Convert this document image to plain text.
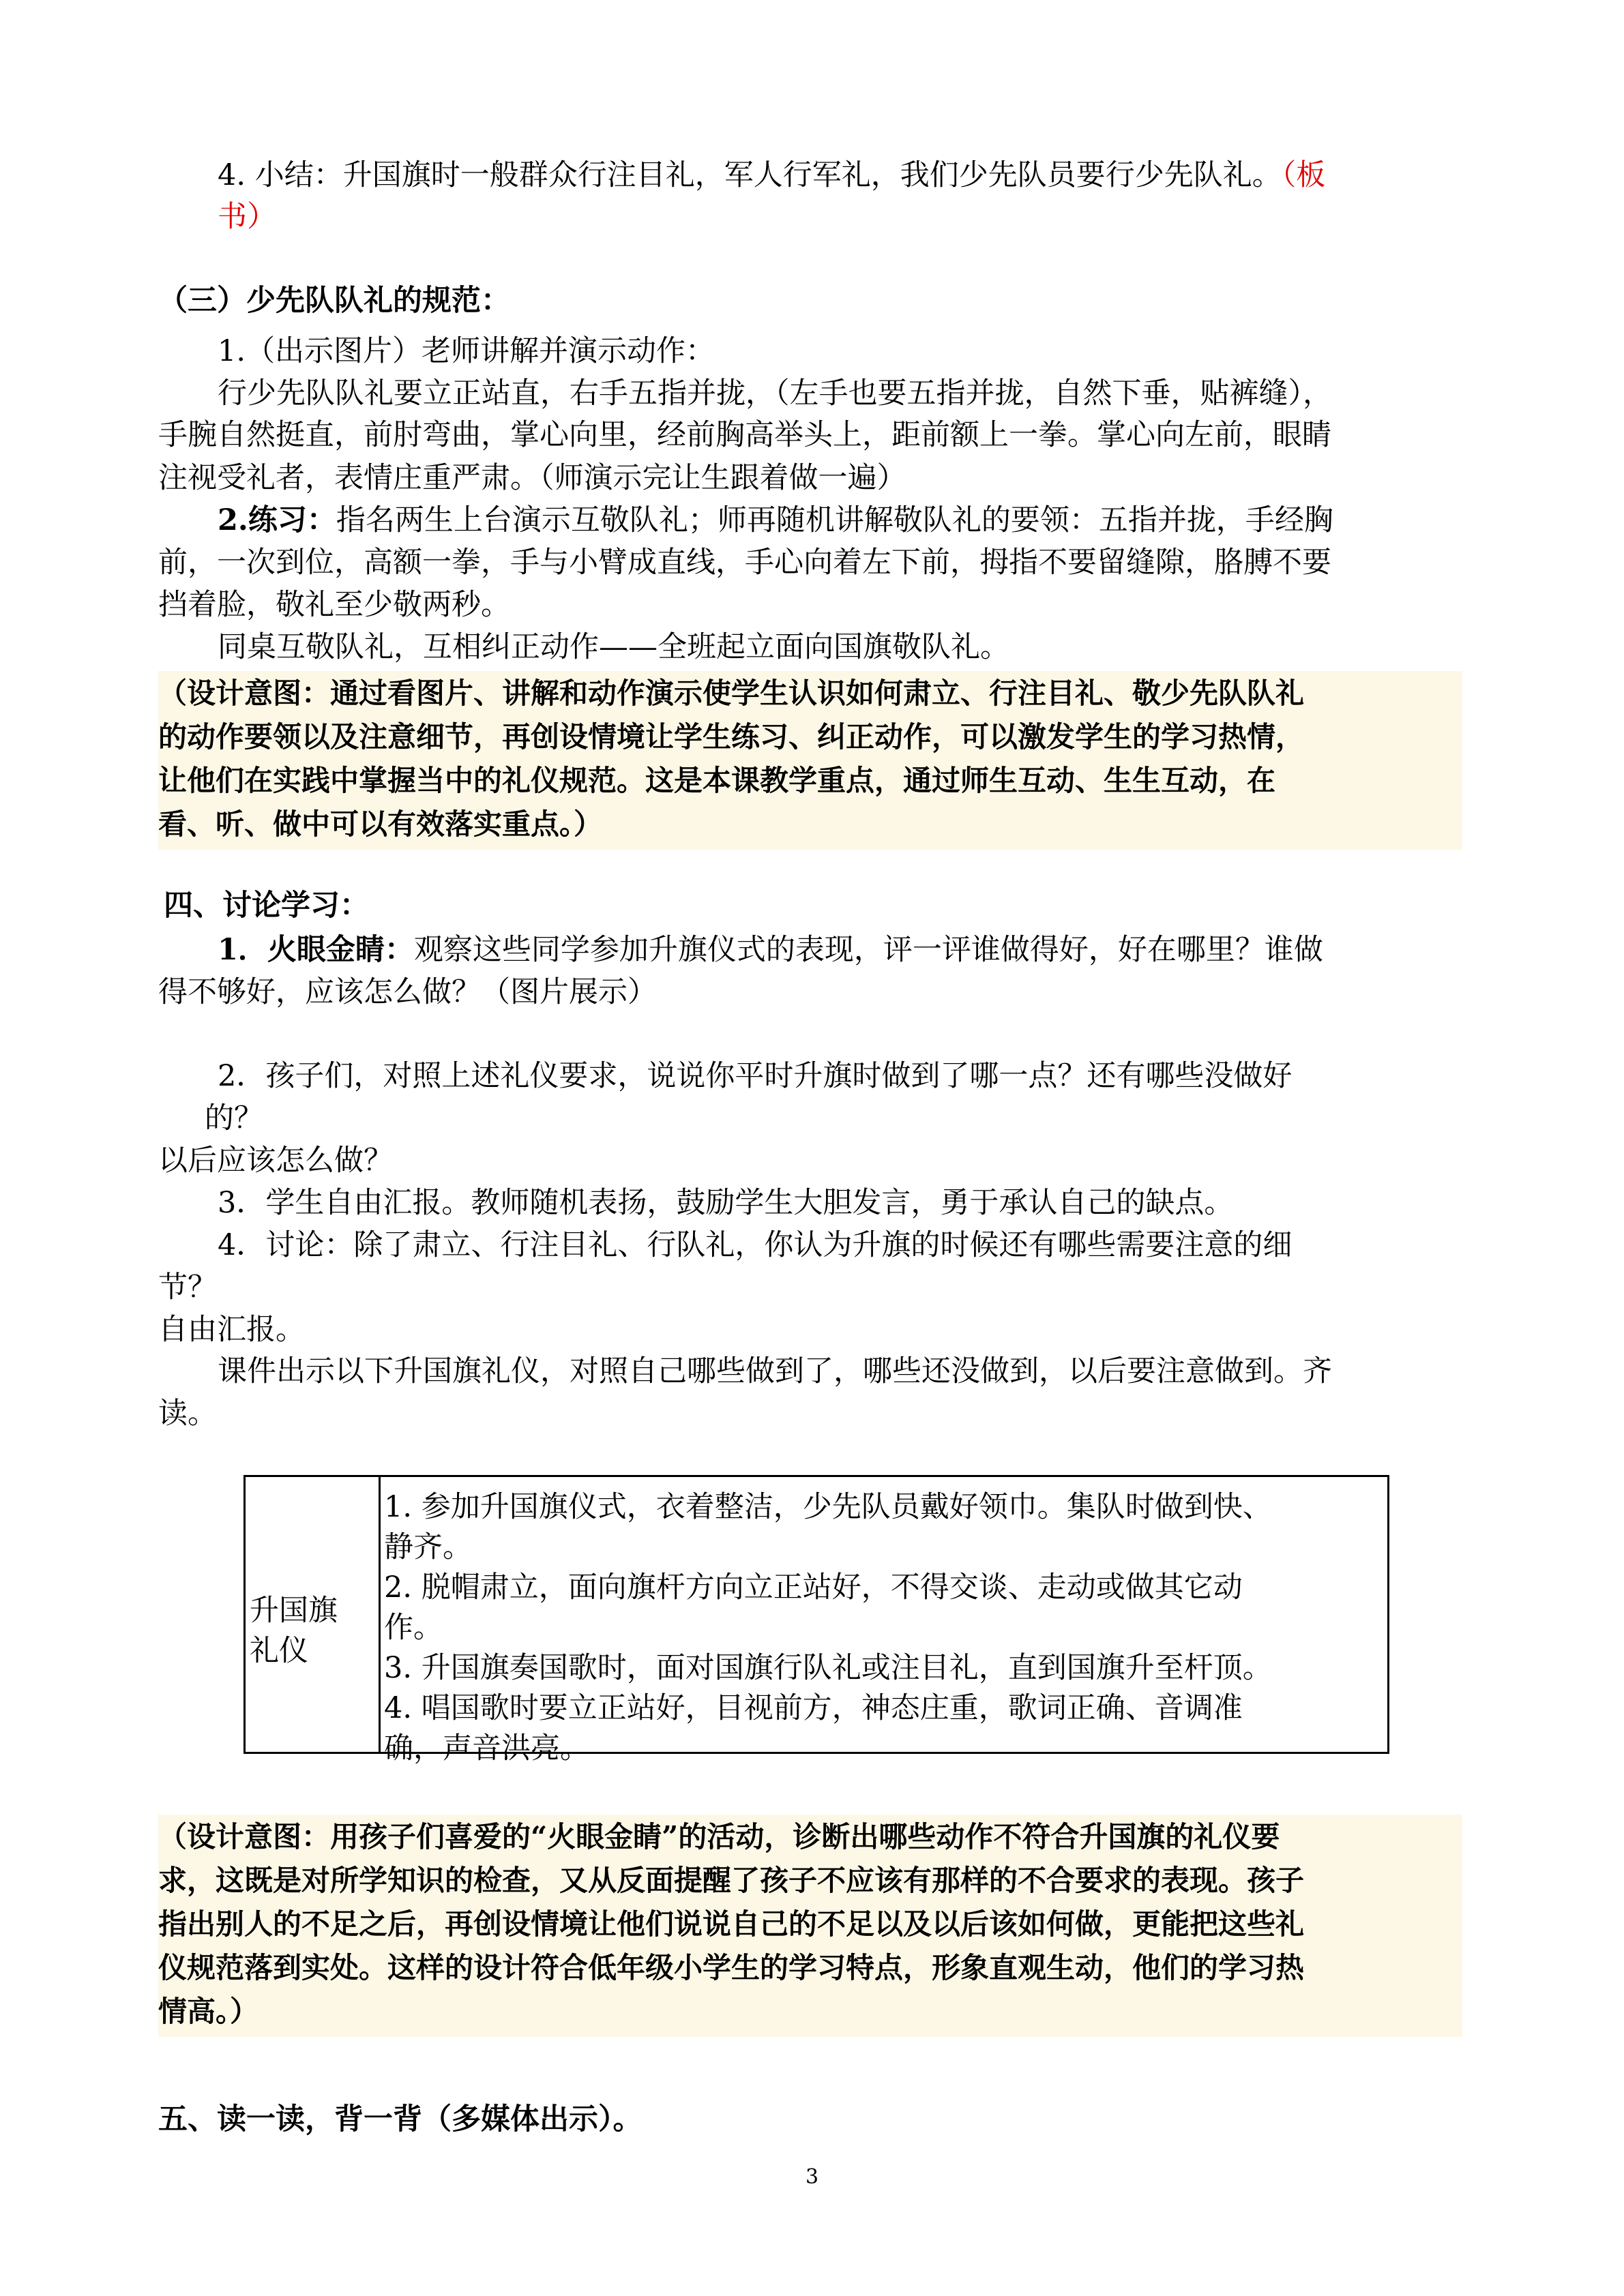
4. 小结：升国旗时一般群众行注目礼，军人行军礼，我们少先队员要行少先队礼。（板
书）
（三）少先队队礼的规范：
1.（出示图片）老师讲解并演示动作：
行少先队队礼要立正站直，右手五指并拢，（左手也要五指并拢，自然下垂，贴裤缝），
手腕自然挺直，前肘弯曲，掌心向里，经前胸高举头上，距前额上一拳。掌心向左前，眼睛
注视受礼者，表情庄重严肃。（师演示完让生跟着做一遍）
2.练习：指名两生上台演示互敬队礼；师再随机讲解敬队礼的要领：五指并拢，手经胸
前，一次到位，高额一拳，手与小臂成直线，手心向着左下前，拇指不要留缝隙，胳膊不要
挡着脸，敬礼至少敬两秒。
同桌互敬队礼，互相纠正动作——全班起立面向国旗敬队礼。
（设计意图：通过看图片、讲解和动作演示使学生认识如何肃立、行注目礼、敬少先队队礼
的动作要领以及注意细节，再创设情境让学生练习、纠正动作，可以激发学生的学习热情，
让他们在实践中掌握当中的礼仪规范。这是本课教学重点，通过师生互动、生生互动，在
看、听、做中可以有效落实重点。）
四、讨论学习：
1．火眼金睛：观察这些同学参加升旗仪式的表现，评一评谁做得好，好在哪里？谁做
得不够好，应该怎么做？（图片展示）
2．孩子们，对照上述礼仪要求，说说你平时升旗时做到了哪一点？还有哪些没做好
的？
以后应该怎么做？
3．学生自由汇报。教师随机表扬，鼓励学生大胆发言，勇于承认自己的缺点。
4．讨论：除了肃立、行注目礼、行队礼，你认为升旗的时候还有哪些需要注意的细
节？
自由汇报。
课件出示以下升国旗礼仪，对照自己哪些做到了，哪些还没做到，以后要注意做到。齐
读。
升国旗
礼仪
1. 参加升国旗仪式，衣着整洁，少先队员戴好领巾。集队时做到快、
静齐。
2. 脱帽肃立，面向旗杆方向立正站好，不得交谈、走动或做其它动
作。
3. 升国旗奏国歌时，面对国旗行队礼或注目礼，直到国旗升至杆顶。
4. 唱国歌时要立正站好，目视前方，神态庄重，歌词正确、音调准
确，声音洪亮。
（设计意图：用孩子们喜爱的“火眼金睛”的活动，诊断出哪些动作不符合升国旗的礼仪要
求，这既是对所学知识的检查，又从反面提醒了孩子不应该有那样的不合要求的表现。孩子
指出别人的不足之后，再创设情境让他们说说自己的不足以及以后该如何做，更能把这些礼
仪规范落到实处。这样的设计符合低年级小学生的学习特点，形象直观生动，他们的学习热
情高。）
五、读一读，背一背（多媒体出示）。
3
